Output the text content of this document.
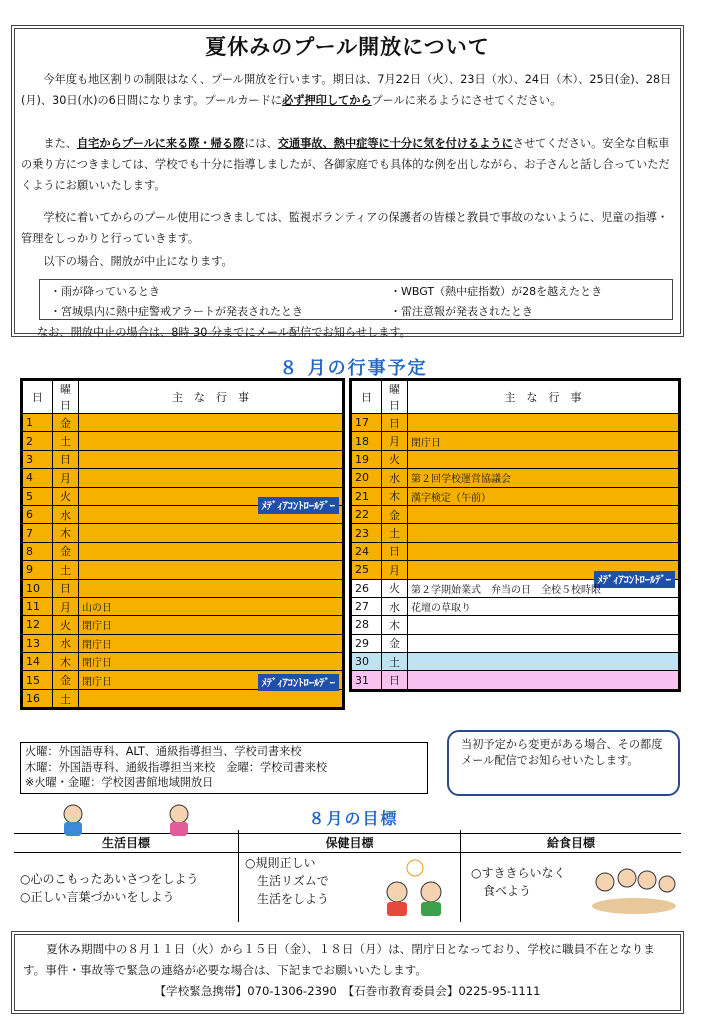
夏休みのプール開放について
今年度も地区割りの制限はなく、プール開放を行います。期日は、7月22日（火）、23日（水）、24日（木）、25日(金)、28日(月)、30日(水)の6日間になります。プールカードに必ず押印してからプールに来るようにさせてください。
また、自宅からプールに来る際・帰る際には、交通事故、熱中症等に十分に気を付けるようにさせてください。安全な自転車の乗り方につきましては、学校でも十分に指導しましたが、各御家庭でも具体的な例を出しながら、お子さんと話し合っていただくようにお願いいたします。
学校に着いてからのプール使用につきましては、監視ボランティアの保護者の皆様と教員で事故のないように、児童の指導・管理をしっかりと行っていきます。
以下の場合、開放が中止になります。
・雨が降っているとき	・WBGT（熱中症指数）が28を越えたとき
・宮城県内に熱中症警戒アラートが発表されたとき	・雷注意報が発表されたとき
なお、開放中止の場合は、8時 30 分までにメール配信でお知らせします。
８ 月の行事予定
日	曜日	主　な　行　事
1	金	

2	土	

3	日	

4	月	

5	火	ﾒﾃﾞｨｱｺﾝﾄﾛｰﾙﾃﾞｰ

6	水	

7	木	

8	金	

9	土	

10	日	

11	月	山の日

12	火	閉庁日

13	水	閉庁日

14	木	閉庁日

15	金	閉庁日 ﾒﾃﾞｨｱｺﾝﾄﾛｰﾙﾃﾞｰ

16	土	
日	曜日	主　な　行　事
17	日	

18	月	閉庁日

19	火	

20	水	第２回学校運営協議会

21	木	漢字検定（午前）

22	金	

23	土	

24	日	

25	月	ﾒﾃﾞｨｱｺﾝﾄﾛｰﾙﾃﾞｰ

26	火	第２学期始業式　弁当の日　全校５校時限

27	水	花壇の草取り

28	木	

29	金	

30	土	

31	日	
火曜：外国語専科、ALT、通級指導担当、学校司書来校
木曜：外国語専科、通級指導担当来校　金曜：学校司書来校
※火曜・金曜：学校図書館地域開放日
当初予定から変更がある場合、その都度メール配信でお知らせいたします。
８月の目標
生活目標
○心のこもったあいさつをしよう
○正しい言葉づかいをしよう
保健目標
○規則正しい
　生活リズムで
　生活をしよう
給食目標
○すききらいなく
　食べよう
夏休み期間中の８月１１日（火）から１５日（金）、１８日（月）は、閉庁日となっており、学校に職員不在となります。事件・事故等で緊急の連絡が必要な場合は、下記までお願いいたします。
【学校緊急携帯】070-1306-2390　【石巻市教育委員会】0225-95-1111
